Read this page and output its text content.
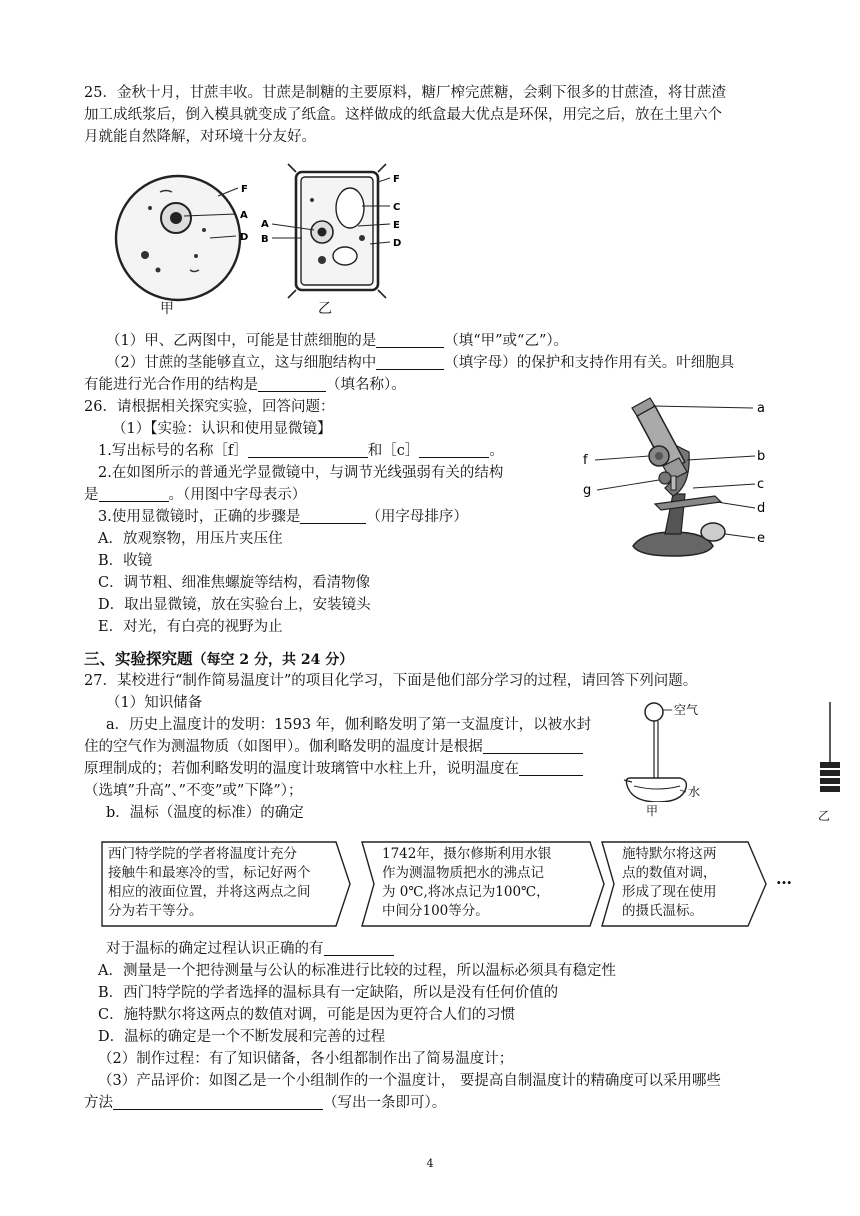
25．金秋十月，甘蔗丰收。甘蔗是制糖的主要原料，糖厂榨完蔗糖，会剩下很多的甘蔗渣，将甘蔗渣

加工成纸浆后，倒入模具就变成了纸盒。这样做成的纸盒最大优点是环保，用完之后，放在土里六个

月就能自然降解，对环境十分友好。

F
A
D
F
C
A
B
E
D
甲	乙

（1）甲、乙两图中，可能是甘蔗细胞的是	（填“甲”或“乙”）。

（2）甘蔗的茎能够直立，这与细胞结构中	（填字母）的保护和支持作用有关。叶细胞具

有能进行光合作用的结构是	（填名称）。

26．请根据相关探究实验，回答问题：

（1）【实验：认识和使用显微镜】

1.写出标号的名称［f］	和［c］	。

2.在如图所示的普通光学显微镜中，与调节光线强弱有关的结构

是	。（用图中字母表示）

3.使用显微镜时，正确的步骤是	（用字母排序）

A．放观察物，用压片夹压住

B．收镜

C．调节粗、细准焦螺旋等结构，看清物像

D．取出显微镜，放在实验台上，安装镜头

E．对光，有白亮的视野为止

a
b
c
d
e
f
g

三、实验探究题（每空 2 分，共 24 分）

27．某校进行“制作简易温度计”的项目化学习，下面是他们部分学习的过程，请回答下列问题。

（1）知识储备

a．历史上温度计的发明：1593 年，伽利略发明了第一支温度计，以被水封

住的空气作为测温物质（如图甲）。伽利略发明的温度计是根据

原理制成的；若伽利略发明的温度计玻璃管中水柱上升，说明温度在

（选填”升高”、”不变”或”下降”）；

b．温标（温度的标准）的确定

空气
水
甲	乙
西门特学院的学者将温度计充分
接触牛和最寒冷的雪，标记好两个
相应的液面位置，并将这两点之间
分为若干等分。
1742年，摄尔修斯利用水银
作为测温物质把水的沸点记
为 0℃,将冰点记为100℃，
中间分100等分。
施特默尔将这两
点的数值对调，
形成了现在使用
的摄氏温标。
…

对于温标的确定过程认识正确的有

A．测量是一个把待测量与公认的标准进行比较的过程，所以温标必须具有稳定性

B．西门特学院的学者选择的温标具有一定缺陷，所以是没有任何价值的

C．施特默尔将这两点的数值对调，可能是因为更符合人们的习惯

D．温标的确定是一个不断发展和完善的过程

（2）制作过程：有了知识储备，各小组都制作出了简易温度计；

（3）产品评价：如图乙是一个小组制作的一个温度计， 要提高自制温度计的精确度可以采用哪些

方法	（写出一条即可）。

4
